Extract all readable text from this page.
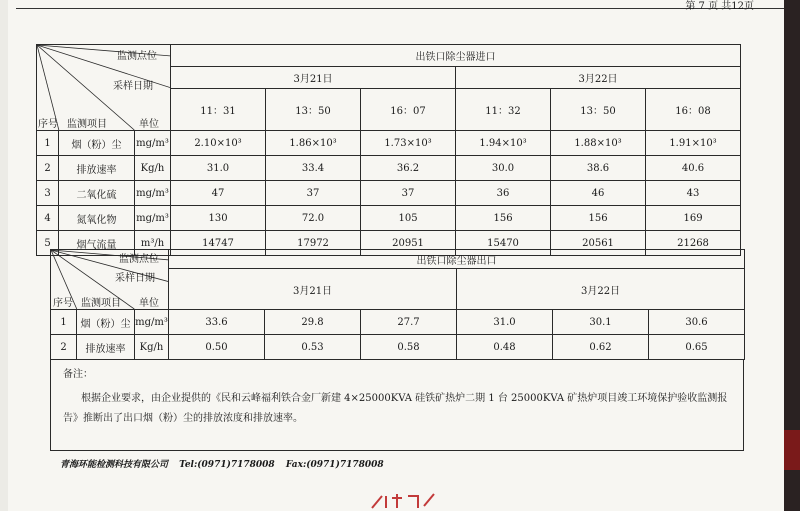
第 7 页 共12页
监测点位
采样日期
序号 监测项目 单位			出铁口除尘器进口					
			3月21日			3月22日		
			11：31	13：50	16：07	11：32	13：50	16：08
1	烟（粉）尘	mg/m³	2.10×10³	1.86×10³	1.73×10³	1.94×10³	1.88×10³	1.91×10³
2	排放速率	Kg/h	31.0	33.4	36.2	30.0	38.6	40.6
3	二氧化硫	mg/m³	47	37	37	36	46	43
4	氮氧化物	mg/m³	130	72.0	105	156	156	169
5	烟气流量	m³/h	14747	17972	20951	15470	20561	21268
监测点位
采样日期
序号 监测项目 单位			出铁口除尘器出口					
			3月21日			3月22日		

1	烟（粉）尘	mg/m³	33.6	29.8	27.7	31.0	30.1	30.6
2	排放速率	Kg/h	0.50	0.53	0.58	0.48	0.62	0.65
备注：
根据企业要求，由企业提供的《民和云峰福利铁合金厂新建 4×25000KVA 硅铁矿热炉二期 1 台 25000KVA 矿热炉项目竣工环境保护验收监测报告》推断出了出口烟（粉）尘的排放浓度和排放速率。
青海环能检测科技有限公司 Tel:(0971)7178008 Fax:(0971)7178008
